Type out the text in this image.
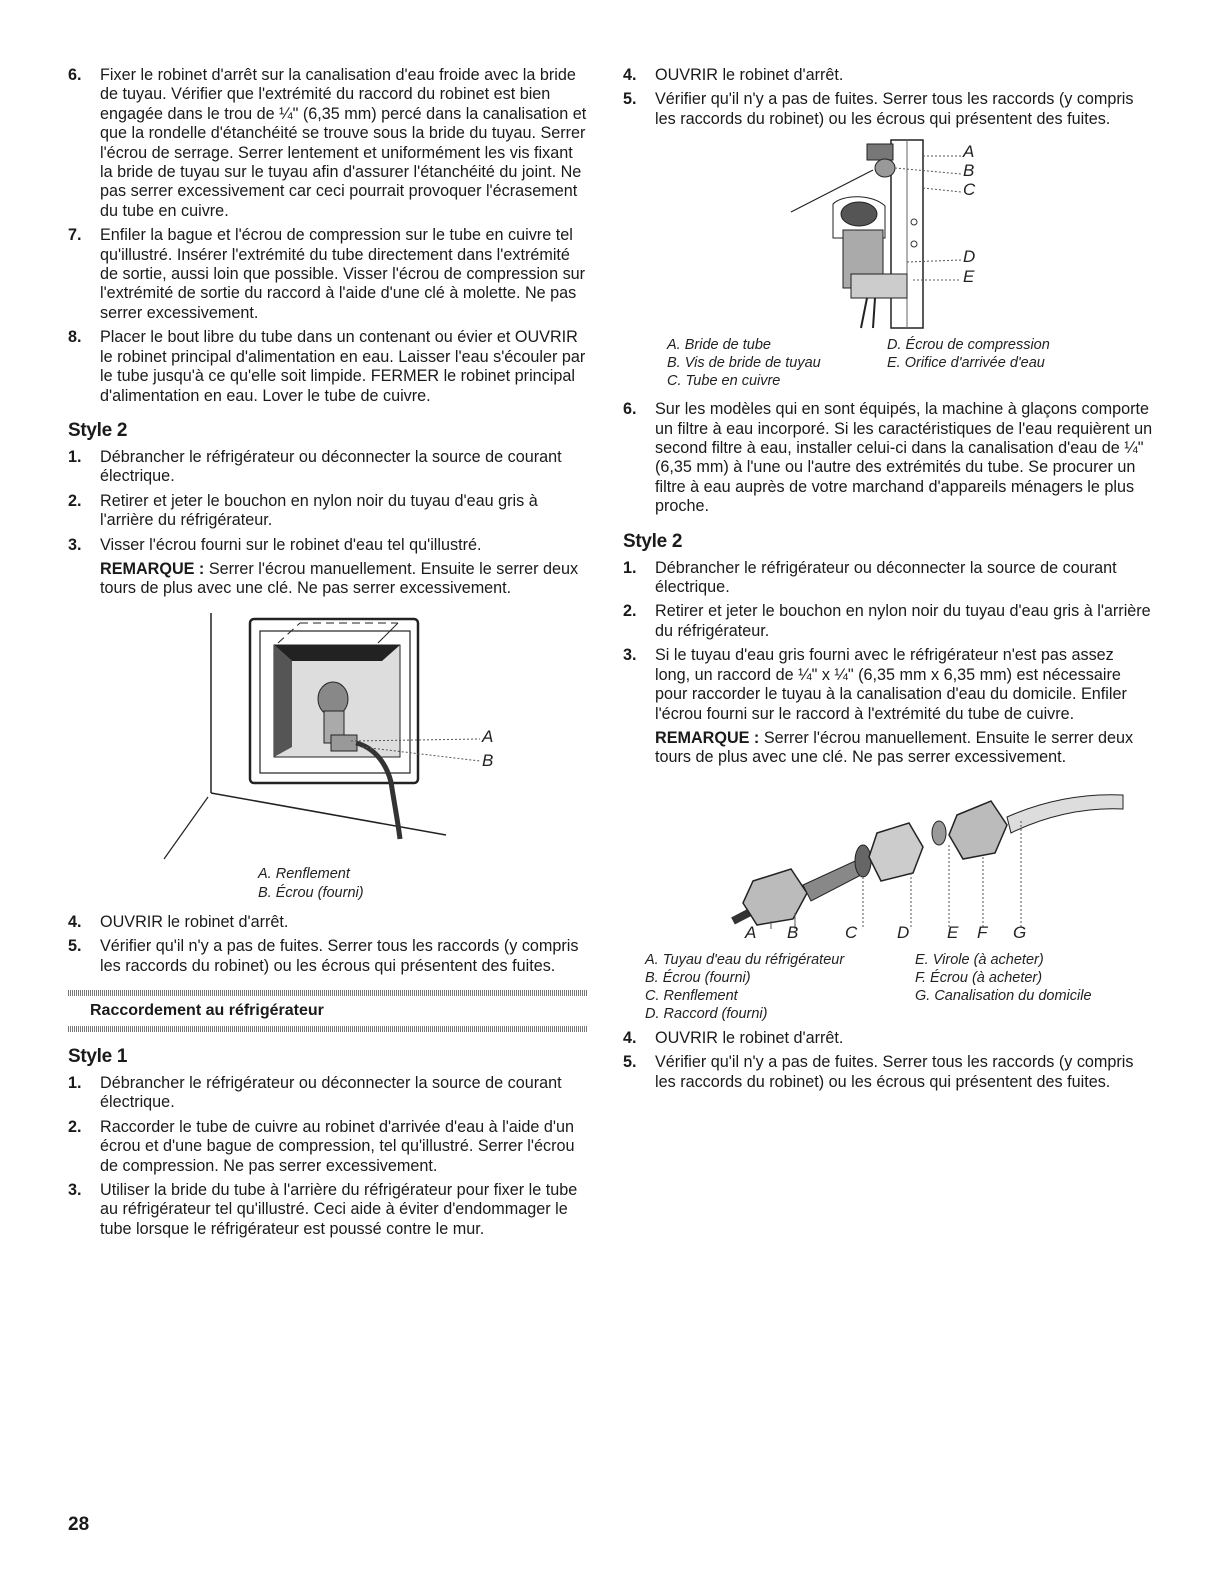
6. Fixer le robinet d'arrêt sur la canalisation d'eau froide avec la bride de tuyau. Vérifier que l'extrémité du raccord du robinet est bien engagée dans le trou de ¼" (6,35 mm) percé dans la canalisation et que la rondelle d'étanchéité se trouve sous la bride du tuyau. Serrer l'écrou de serrage. Serrer lentement et uniformément les vis fixant la bride de tuyau sur le tuyau afin d'assurer l'étanchéité du joint. Ne pas serrer excessivement car ceci pourrait provoquer l'écrasement du tube en cuivre.
7. Enfiler la bague et l'écrou de compression sur le tube en cuivre tel qu'illustré. Insérer l'extrémité du tube directement dans l'extrémité de sortie, aussi loin que possible. Visser l'écrou de compression sur l'extrémité de sortie du raccord à l'aide d'une clé à molette. Ne pas serrer excessivement.
8. Placer le bout libre du tube dans un contenant ou évier et OUVRIR le robinet principal d'alimentation en eau. Laisser l'eau s'écouler par le tube jusqu'à ce qu'elle soit limpide. FERMER le robinet principal d'alimentation en eau. Lover le tube de cuivre.
Style 2
1. Débrancher le réfrigérateur ou déconnecter la source de courant électrique.
2. Retirer et jeter le bouchon en nylon noir du tuyau d'eau gris à l'arrière du réfrigérateur.
3. Visser l'écrou fourni sur le robinet d'eau tel qu'illustré.
REMARQUE : Serrer l'écrou manuellement. Ensuite le serrer deux tours de plus avec une clé. Ne pas serrer excessivement.
A
B
A. Renflement
B. Écrou (fourni)
4. OUVRIR le robinet d'arrêt.
5. Vérifier qu'il n'y a pas de fuites. Serrer tous les raccords (y compris les raccords du robinet) ou les écrous qui présentent des fuites.
Raccordement au réfrigérateur
Style 1
1. Débrancher le réfrigérateur ou déconnecter la source de courant électrique.
2. Raccorder le tube de cuivre au robinet d'arrivée d'eau à l'aide d'un écrou et d'une bague de compression, tel qu'illustré. Serrer l'écrou de compression. Ne pas serrer excessivement.
3. Utiliser la bride du tube à l'arrière du réfrigérateur pour fixer le tube au réfrigérateur tel qu'illustré. Ceci aide à éviter d'endommager le tube lorsque le réfrigérateur est poussé contre le mur.
4. OUVRIR le robinet d'arrêt.
5. Vérifier qu'il n'y a pas de fuites. Serrer tous les raccords (y compris les raccords du robinet) ou les écrous qui présentent des fuites.
A
B
C
D
E
A. Bride de tube
B. Vis de bride de tuyau
C. Tube en cuivre
D. Écrou de compression
E. Orifice d'arrivée d'eau
6. Sur les modèles qui en sont équipés, la machine à glaçons comporte un filtre à eau incorporé. Si les caractéristiques de l'eau requièrent un second filtre à eau, installer celui-ci dans la canalisation d'eau de ¼" (6,35 mm) à l'une ou l'autre des extrémités du tube. Se procurer un filtre à eau auprès de votre marchand d'appareils ménagers le plus proche.
Style 2
1. Débrancher le réfrigérateur ou déconnecter la source de courant électrique.
2. Retirer et jeter le bouchon en nylon noir du tuyau d'eau gris à l'arrière du réfrigérateur.
3. Si le tuyau d'eau gris fourni avec le réfrigérateur n'est pas assez long, un raccord de ¼" x ¼" (6,35 mm x 6,35 mm) est nécessaire pour raccorder le tuyau à la canalisation d'eau du domicile. Enfiler l'écrou fourni sur le raccord à l'extrémité du tube de cuivre.
REMARQUE : Serrer l'écrou manuellement. Ensuite le serrer deux tours de plus avec une clé. Ne pas serrer excessivement.
A B	C D E F G
A. Tuyau d'eau du réfrigérateur
B. Écrou (fourni)
C. Renflement
D. Raccord (fourni)
E. Virole (à acheter)
F. Écrou (à acheter)
G. Canalisation du domicile
4. OUVRIR le robinet d'arrêt.
5. Vérifier qu'il n'y a pas de fuites. Serrer tous les raccords (y compris les raccords du robinet) ou les écrous qui présentent des fuites.
28
